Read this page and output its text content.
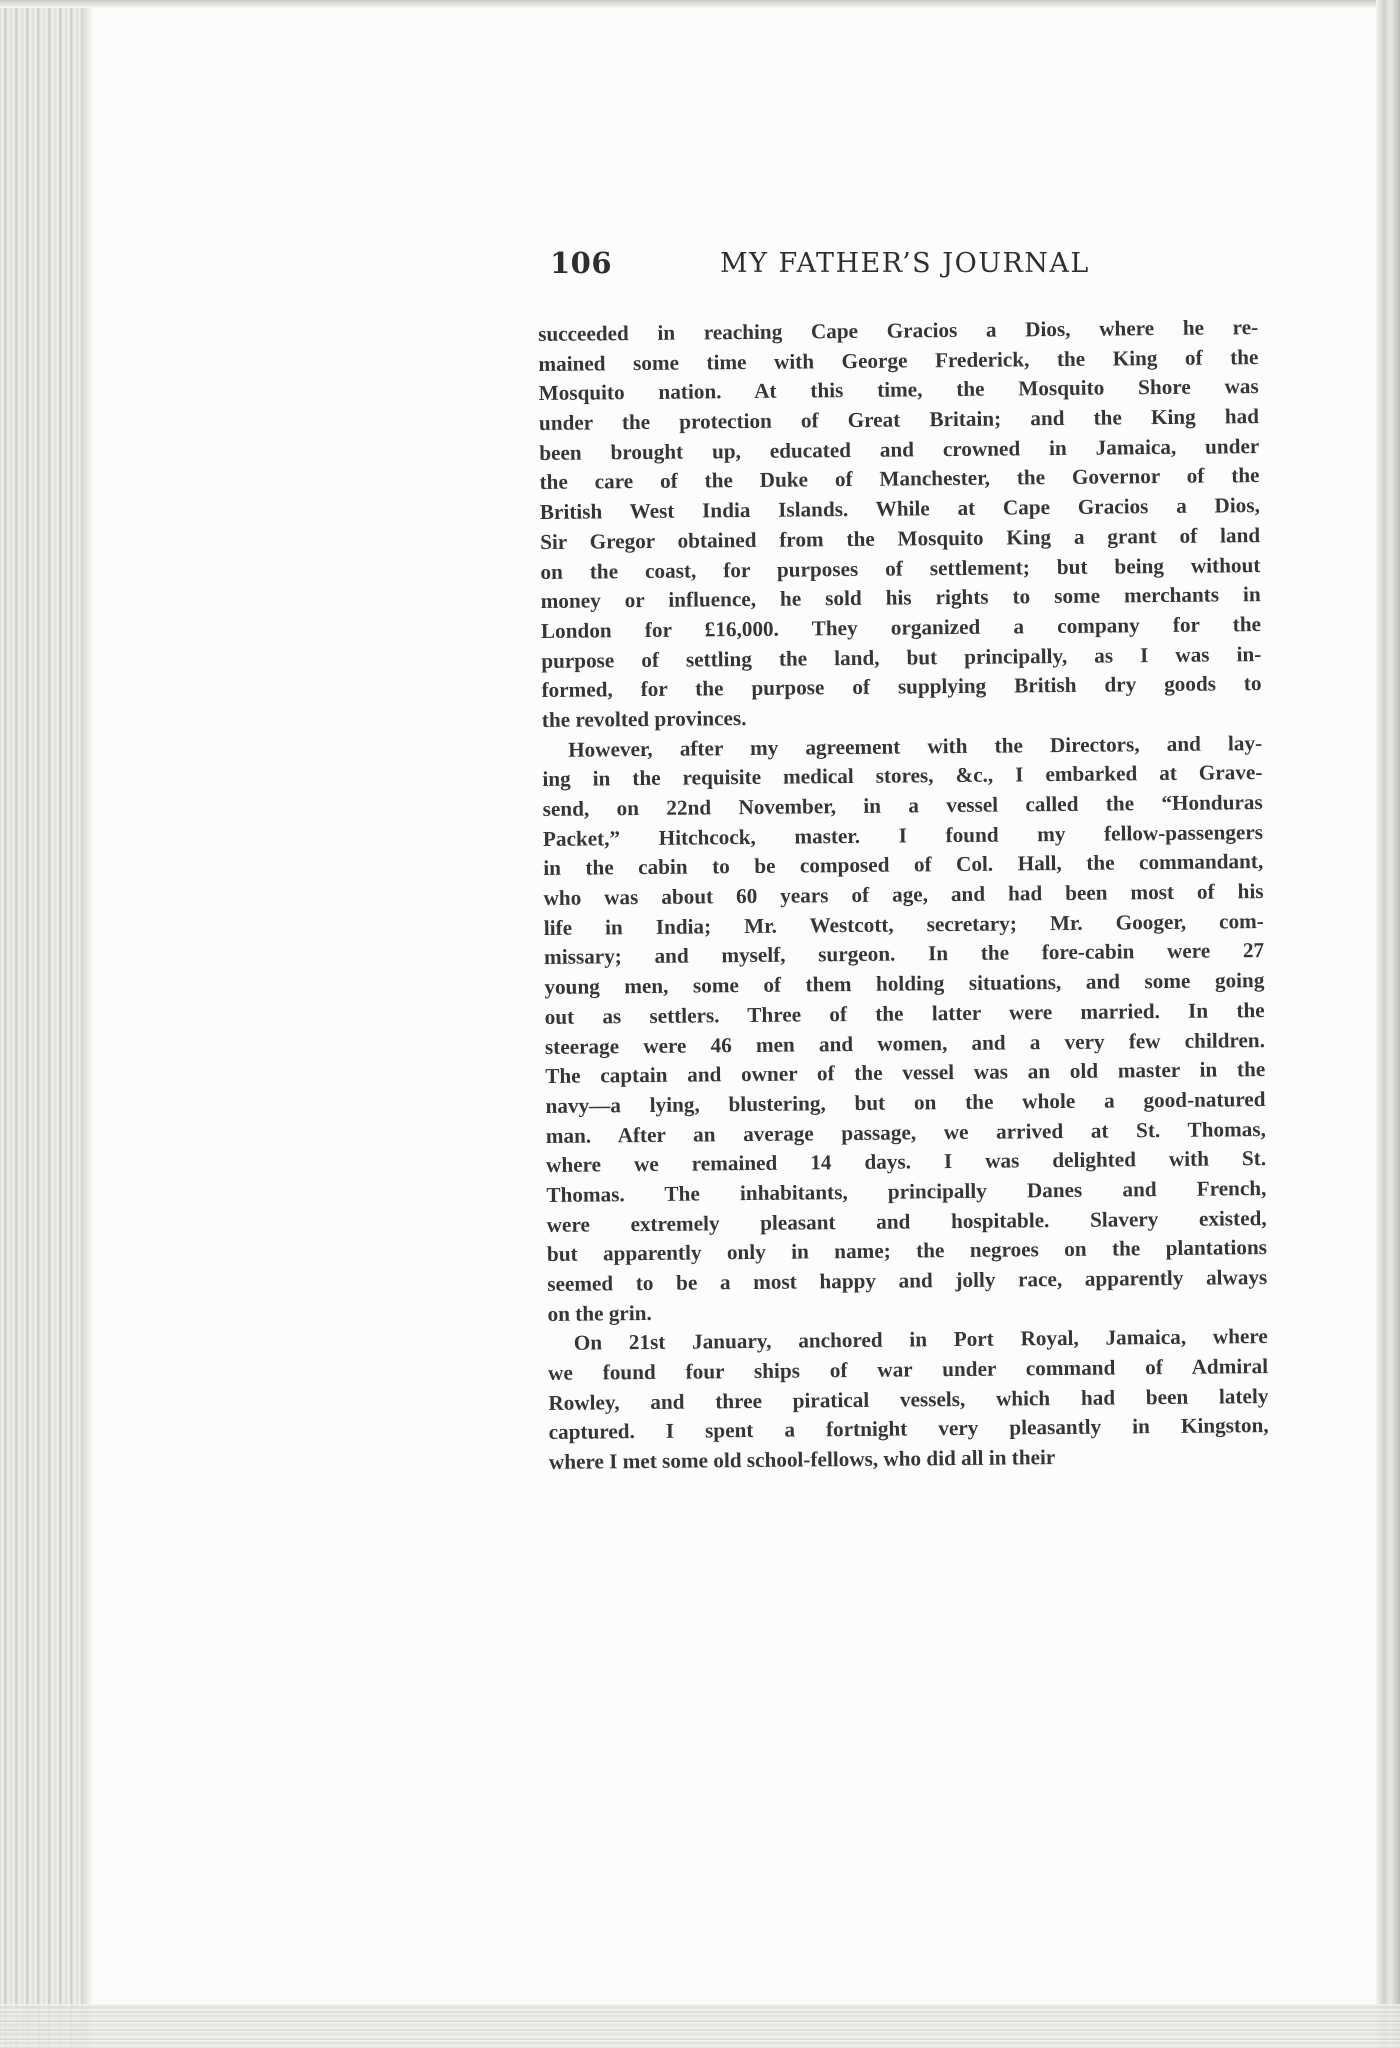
106	MY FATHER’S JOURNAL
succeeded in reaching Cape Gracios a Dios, where he re-
mained some time with George Frederick, the King of the
Mosquito nation. At this time, the Mosquito Shore was
under the protection of Great Britain; and the King had
been brought up, educated and crowned in Jamaica, under
the care of the Duke of Manchester, the Governor of the
British West India Islands. While at Cape Gracios a Dios,
Sir Gregor obtained from the Mosquito King a grant of land
on the coast, for purposes of settlement; but being without
money or influence, he sold his rights to some merchants in
London for £16,000. They organized a company for the
purpose of settling the land, but principally, as I was in-
formed, for the purpose of supplying British dry goods to
the revolted provinces.
However, after my agreement with the Directors, and lay-
ing in the requisite medical stores, &c., I embarked at Grave-
send, on 22nd November, in a vessel called the “Honduras
Packet,” Hitchcock, master. I found my fellow-passengers
in the cabin to be composed of Col. Hall, the commandant,
who was about 60 years of age, and had been most of his
life in India; Mr. Westcott, secretary; Mr. Googer, com-
missary; and myself, surgeon. In the fore-cabin were 27
young men, some of them holding situations, and some going
out as settlers. Three of the latter were married. In the
steerage were 46 men and women, and a very few children.
The captain and owner of the vessel was an old master in the
navy—a lying, blustering, but on the whole a good-natured
man. After an average passage, we arrived at St. Thomas,
where we remained 14 days. I was delighted with St.
Thomas. The inhabitants, principally Danes and French,
were extremely pleasant and hospitable. Slavery existed,
but apparently only in name; the negroes on the plantations
seemed to be a most happy and jolly race, apparently always
on the grin.
On 21st January, anchored in Port Royal, Jamaica, where
we found four ships of war under command of Admiral
Rowley, and three piratical vessels, which had been lately
captured. I spent a fortnight very pleasantly in Kingston,
where I met some old school-fellows, who did all in their
